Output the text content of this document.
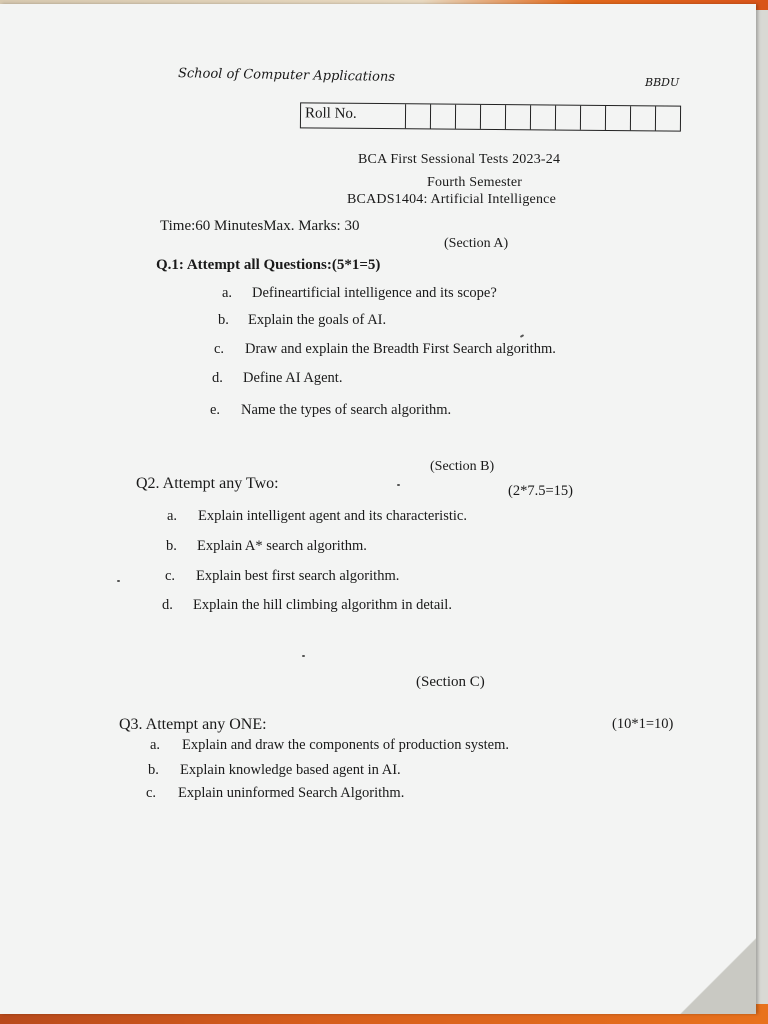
School of Computer Applications	BBDU
Roll No.
BCA First Sessional Tests 2023-24
Fourth Semester
BCADS1404: Artificial Intelligence
Time:60 MinutesMax. Marks: 30
(Section A)
Q.1: Attempt all Questions:(5*1=5)
a. Defineartificial intelligence and its scope?
b. Explain the goals of AI.
c. Draw and explain the Breadth First Search algorithm.
d. Define AI Agent.
e. Name the types of search algorithm.
(Section B)
Q2. Attempt any Two:	(2*7.5=15)
a. Explain intelligent agent and its characteristic.
b. Explain A* search algorithm.
c. Explain best first search algorithm.
d. Explain the hill climbing algorithm in detail.
(Section C)
Q3. Attempt any ONE:	(10*1=10)
a. Explain and draw the components of production system.
b. Explain knowledge based agent in AI.
c. Explain uninformed Search Algorithm.
